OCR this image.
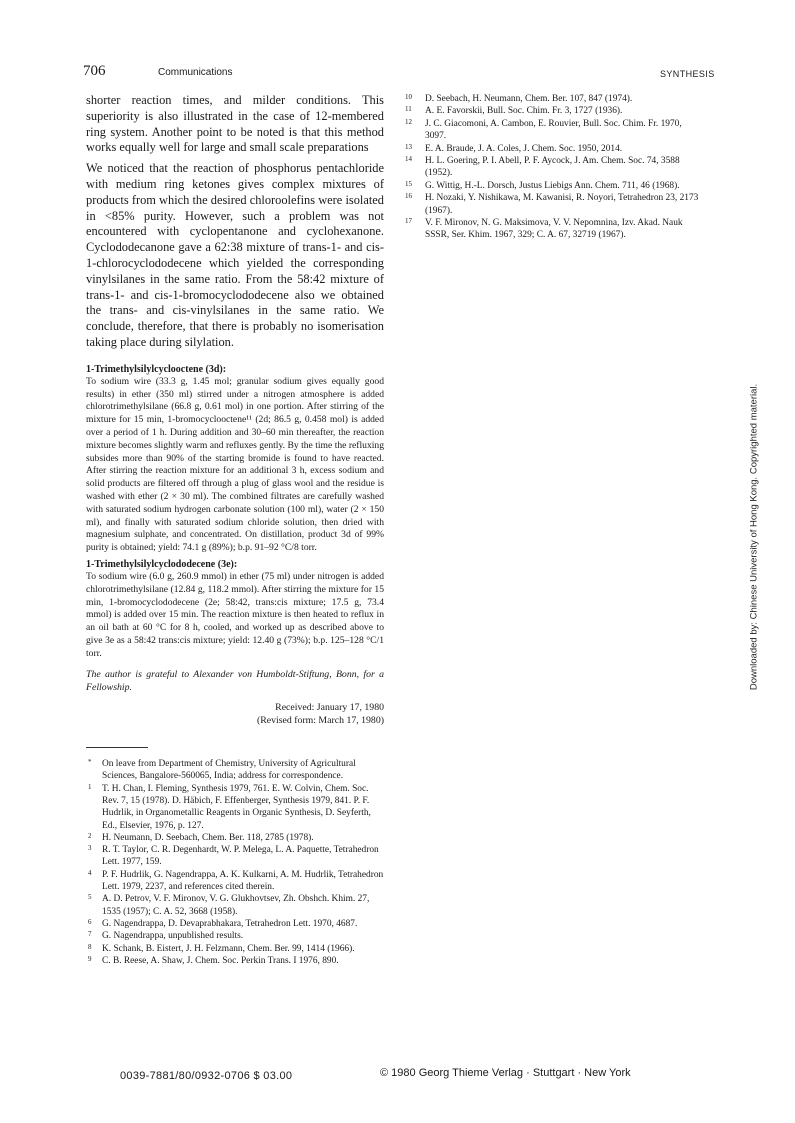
706	Communications	SYNTHESIS

shorter reaction times, and milder conditions. This superiority is also illustrated in the case of 12-membered ring system. Another point to be noted is that this method works equally well for large and small scale preparations

We noticed that the reaction of phosphorus pentachloride with medium ring ketones gives complex mixtures of products from which the desired chloroolefins were isolated in <85% purity. However, such a problem was not encountered with cyclopentanone and cyclohexanone. Cyclododecanone gave a 62:38 mixture of trans-1- and cis-1-chlorocyclododecene which yielded the corresponding vinylsilanes in the same ratio. From the 58:42 mixture of trans-1- and cis-1-bromocyclododecene also we obtained the trans- and cis-vinylsilanes in the same ratio. We conclude, therefore, that there is probably no isomerisation taking place during silylation.

1-Trimethylsilylcyclooctene (3d):

To sodium wire (33.3 g, 1.45 mol; granular sodium gives equally good results) in ether (350 ml) stirred under a nitrogen atmosphere is added chlorotrimethylsilane (66.8 g, 0.61 mol) in one portion. After stirring of the mixture for 15 min, 1-bromocyclooctene¹¹ (2d; 86.5 g, 0.458 mol) is added over a period of 1 h. During addition and 30–60 min thereafter, the reaction mixture becomes slightly warm and refluxes gently. By the time the refluxing subsides more than 90% of the starting bromide is found to have reacted. After stirring the reaction mixture for an additional 3 h, excess sodium and solid products are filtered off through a plug of glass wool and the residue is washed with ether (2 × 30 ml). The combined filtrates are carefully washed with saturated sodium hydrogen carbonate solution (100 ml), water (2 × 150 ml), and finally with saturated sodium chloride solution, then dried with magnesium sulphate, and concentrated. On distillation, product 3d of 99% purity is obtained; yield: 74.1 g (89%); b.p. 91–92 °C/8 torr.

1-Trimethylsilylcyclododecene (3e):

To sodium wire (6.0 g, 260.9 mmol) in ether (75 ml) under nitrogen is added chlorotrimethylsilane (12.84 g, 118.2 mmol). After stirring the mixture for 15 min, 1-bromocyclododecene (2e; 58:42, trans:cis mixture; 17.5 g, 73.4 mmol) is added over 15 min. The reaction mixture is then heated to reflux in an oil bath at 60 °C for 8 h, cooled, and worked up as described above to give 3e as a 58:42 trans:cis mixture; yield: 12.40 g (73%); b.p. 125–128 °C/1 torr.

The author is grateful to Alexander von Humboldt-Stiftung, Bonn, for a Fellowship.

Received: January 17, 1980

(Revised form: March 17, 1980)

* On leave from Department of Chemistry, University of Agricultural Sciences, Bangalore-560065, India; address for correspondence.
1 T. H. Chan, I. Fleming, Synthesis 1979, 761. E. W. Colvin, Chem. Soc. Rev. 7, 15 (1978). D. Häbich, F. Effenberger, Synthesis 1979, 841. P. F. Hudrlik, in Organometallic Reagents in Organic Synthesis, D. Seyferth, Ed., Elsevier, 1976, p. 127.
2 H. Neumann, D. Seebach, Chem. Ber. 118, 2785 (1978).
3 R. T. Taylor, C. R. Degenhardt, W. P. Melega, L. A. Paquette, Tetrahedron Lett. 1977, 159.
4 P. F. Hudrlik, G. Nagendrappa, A. K. Kulkarni, A. M. Hudrlik, Tetrahedron Lett. 1979, 2237, and references cited therein.
5 A. D. Petrov, V. F. Mironov, V. G. Glukhovtsev, Zh. Obshch. Khim. 27, 1535 (1957); C. A. 52, 3668 (1958).
6 G. Nagendrappa, D. Devaprabhakara, Tetrahedron Lett. 1970, 4687.
7 G. Nagendrappa, unpublished results.
8 K. Schank, B. Eistert, J. H. Felzmann, Chem. Ber. 99, 1414 (1966).
9 C. B. Reese, A. Shaw, J. Chem. Soc. Perkin Trans. I 1976, 890.
10 D. Seebach, H. Neumann, Chem. Ber. 107, 847 (1974).
11 A. E. Favorskii, Bull. Soc. Chim. Fr. 3, 1727 (1936).
12 J. C. Giacomoni, A. Cambon, E. Rouvier, Bull. Soc. Chim. Fr. 1970, 3097.
13 E. A. Braude, J. A. Coles, J. Chem. Soc. 1950, 2014.
14 H. L. Goering, P. I. Abell, P. F. Aycock, J. Am. Chem. Soc. 74, 3588 (1952).
15 G. Wittig, H.-L. Dorsch, Justus Liebigs Ann. Chem. 711, 46 (1968).
16 H. Nozaki, Y. Nishikawa, M. Kawanisi, R. Noyori, Tetrahedron 23, 2173 (1967).
17 V. F. Mironov, N. G. Maksimova, V. V. Nepomnina, Izv. Akad. Nauk SSSR, Ser. Khim. 1967, 329; C. A. 67, 32719 (1967).
0039-7881/80/0932-0706 $ 03.00	© 1980 Georg Thieme Verlag · Stuttgart · New York
Downloaded by: Chinese University of Hong Kong. Copyrighted material.
